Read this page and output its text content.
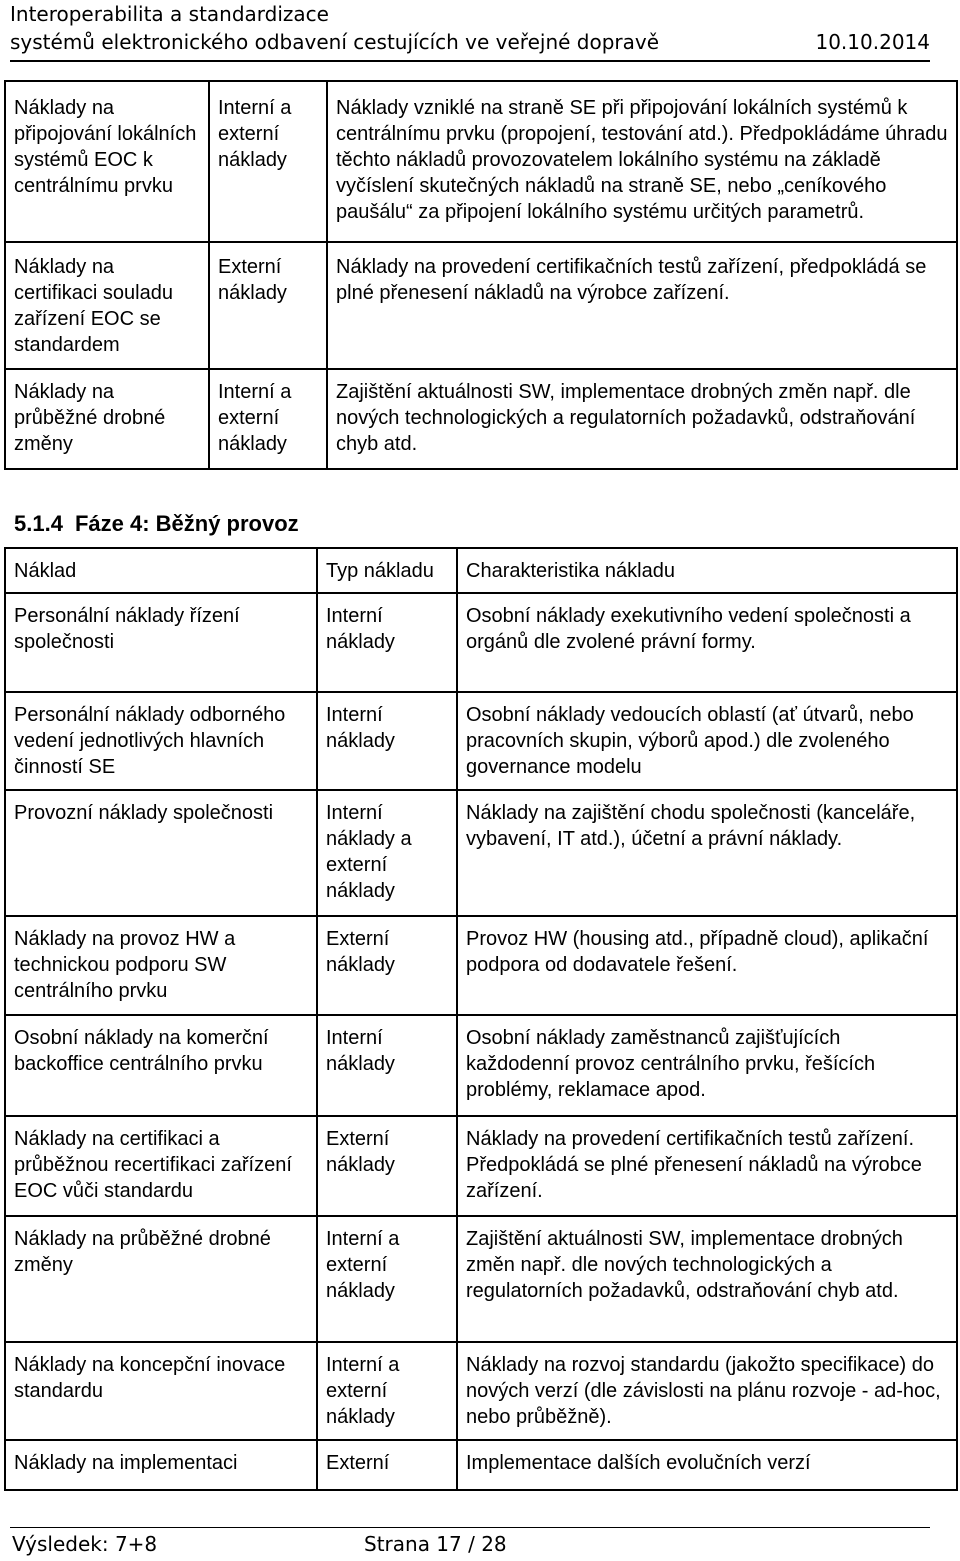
Interoperabilita a standardizace
systémů elektronického odbavení cestujících ve veřejné dopravě	10.10.2014
Náklady na připojování lokálních systémů EOC k centrálnímu prvku	Interní a externí náklady	Náklady vzniklé na straně SE při připojování lokálních systémů k centrálnímu prvku (propojení, testování atd.). Předpokládáme úhradu těchto nákladů provozovatelem lokálního systému na základě vyčíslení skutečných nákladů na straně SE, nebo „ceníkového paušálu“ za připojení lokálního systému určitých parametrů.
Náklady na certifikaci souladu zařízení EOC se standardem	Externí náklady	Náklady na provedení certifikačních testů zařízení, předpokládá se plné přenesení nákladů na výrobce zařízení.
Náklady na průběžné drobné změny	Interní a externí náklady	Zajištění aktuálnosti SW, implementace drobných změn např. dle nových technologických a regulatorních požadavků, odstraňování chyb atd.
5.1.4 Fáze 4: Běžný provoz
Náklad	Typ nákladu	Charakteristika nákladu
Personální náklady řízení společnosti	Interní náklady	Osobní náklady exekutivního vedení společnosti a orgánů dle zvolené právní formy.
Personální náklady odborného vedení jednotlivých hlavních činností SE	Interní náklady	Osobní náklady vedoucích oblastí (ať útvarů, nebo pracovních skupin, výborů apod.) dle zvoleného governance modelu
Provozní náklady společnosti	Interní náklady a externí náklady	Náklady na zajištění chodu společnosti (kanceláře, vybavení, IT atd.), účetní a právní náklady.
Náklady na provoz HW a technickou podporu SW centrálního prvku	Externí náklady	Provoz HW (housing atd., případně cloud), aplikační podpora od dodavatele řešení.
Osobní náklady na komerční backoffice centrálního prvku	Interní náklady	Osobní náklady zaměstnanců zajišťujících každodenní provoz centrálního prvku, řešících problémy, reklamace apod.
Náklady na certifikaci a průběžnou recertifikaci zařízení EOC vůči standardu	Externí náklady	Náklady na provedení certifikačních testů zařízení. Předpokládá se plné přenesení nákladů na výrobce zařízení.
Náklady na průběžné drobné změny	Interní a externí náklady	Zajištění aktuálnosti SW, implementace drobných změn např. dle nových technologických a regulatorních požadavků, odstraňování chyb atd.
Náklady na koncepční inovace standardu	Interní a externí náklady	Náklady na rozvoj standardu (jakožto specifikace) do nových verzí (dle závislosti na plánu rozvoje - ad-hoc, nebo průběžně).
Náklady na implementaci	Externí	Implementace dalších evolučních verzí
Výsledek: 7+8	Strana 17 / 28
